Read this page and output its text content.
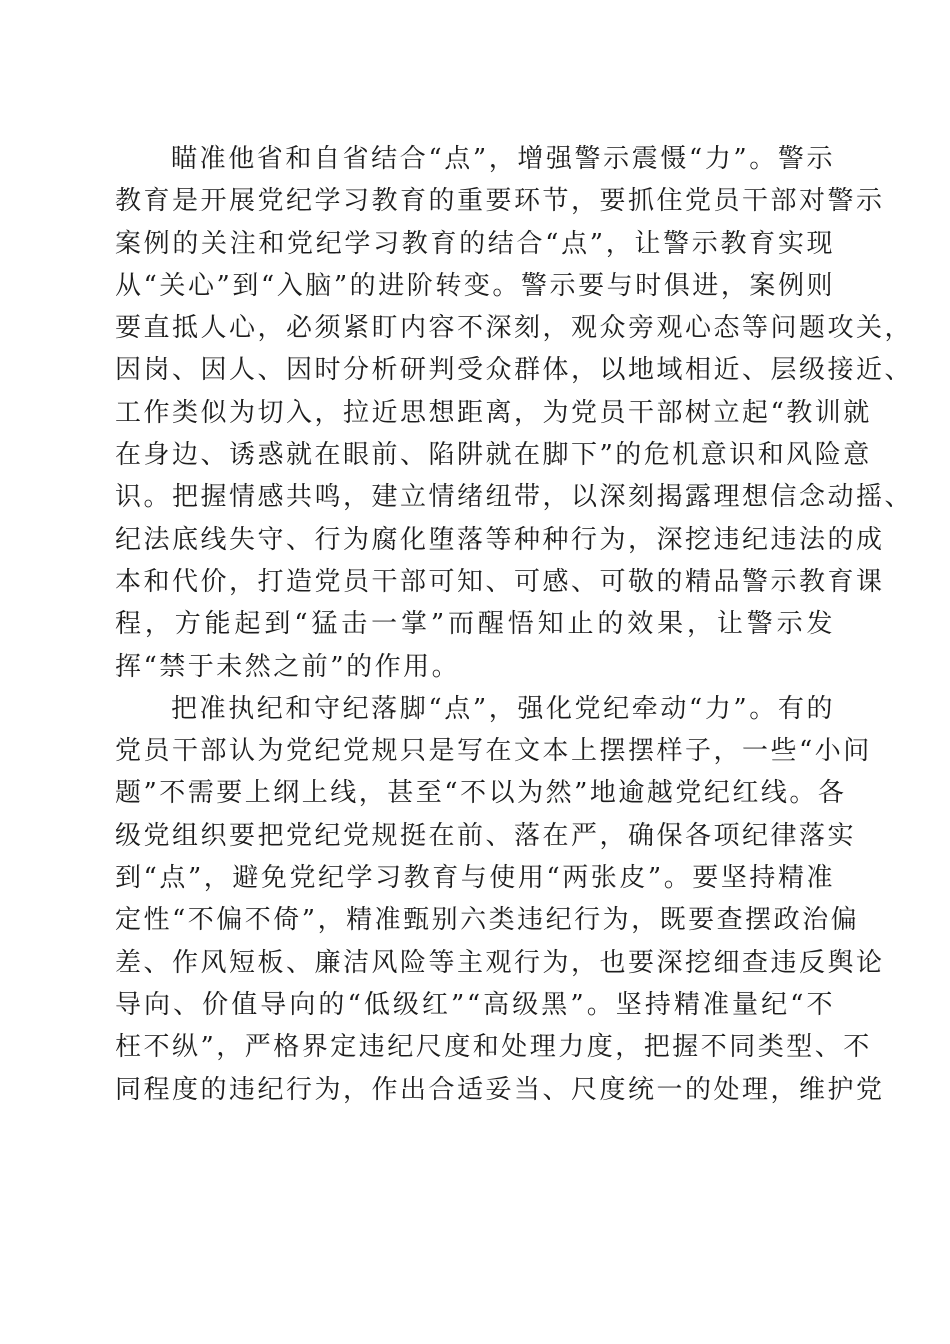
瞄准他省和自省结合“点”，增强警示震慑“力”。警示
教育是开展党纪学习教育的重要环节，要抓住党员干部对警示
案例的关注和党纪学习教育的结合“点”，让警示教育实现
从“关心”到“入脑”的进阶转变。警示要与时俱进，案例则
要直抵人心，必须紧盯内容不深刻，观众旁观心态等问题攻关，
因岗、因人、因时分析研判受众群体，以地域相近、层级接近、
工作类似为切入，拉近思想距离，为党员干部树立起“教训就
在身边、诱惑就在眼前、陷阱就在脚下”的危机意识和风险意
识。把握情感共鸣，建立情绪纽带，以深刻揭露理想信念动摇、
纪法底线失守、行为腐化堕落等种种行为，深挖违纪违法的成
本和代价，打造党员干部可知、可感、可敬的精品警示教育课
程，方能起到“猛击一掌”而醒悟知止的效果，让警示发
挥“禁于未然之前”的作用。
把准执纪和守纪落脚“点”，强化党纪牵动“力”。有的
党员干部认为党纪党规只是写在文本上摆摆样子，一些“小问
题”不需要上纲上线，甚至“不以为然”地逾越党纪红线。各
级党组织要把党纪党规挺在前、落在严，确保各项纪律落实
到“点”，避免党纪学习教育与使用“两张皮”。要坚持精准
定性“不偏不倚”，精准甄别六类违纪行为，既要查摆政治偏
差、作风短板、廉洁风险等主观行为，也要深挖细查违反舆论
导向、价值导向的“低级红”“高级黑”。坚持精准量纪“不
枉不纵”，严格界定违纪尺度和处理力度，把握不同类型、不
同程度的违纪行为，作出合适妥当、尺度统一的处理，维护党
